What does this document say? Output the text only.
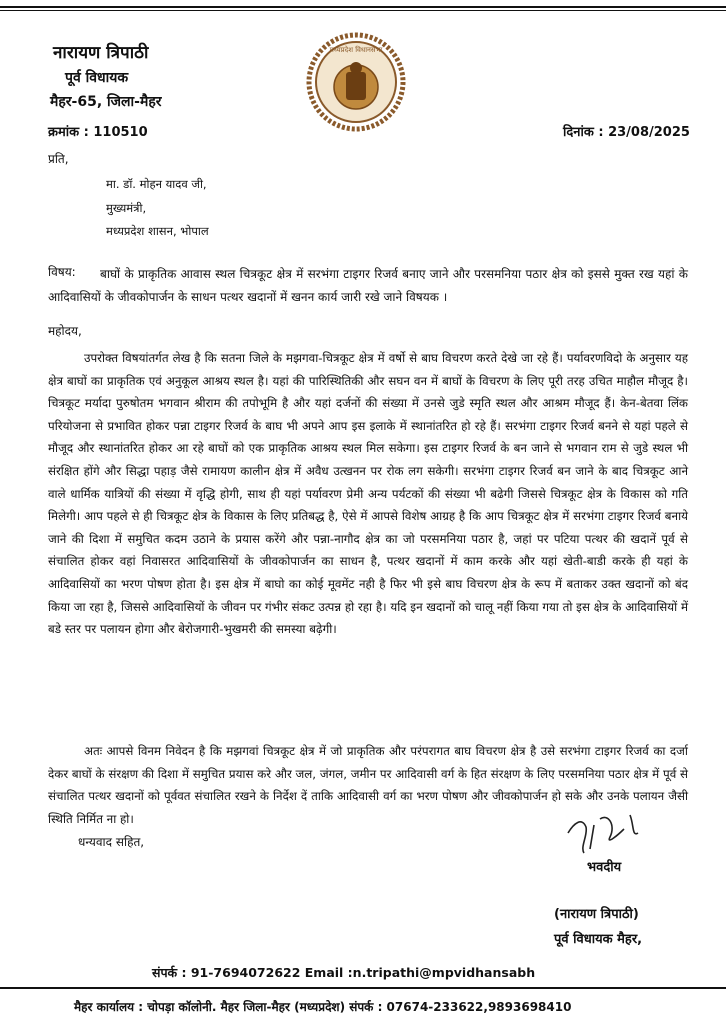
नारायण त्रिपाठी
पूर्व विधायक
मैहर-65, जिला-मैहर
मध्यप्रदेश विधानसभा
क्रमांक : 110510	दिनांक : 23/08/2025
प्रति,
मा. डॉ. मोहन यादव जी,
मुख्यमंत्री,
मध्यप्रदेश शासन, भोपाल
विषय:	बाघों के प्राकृतिक आवास स्थल चित्रकूट क्षेत्र में सरभंगा टाइगर रिजर्व बनाए जाने और परसमनिया पठार क्षेत्र को इससे मुक्त रख यहां के आदिवासियों के जीवकोपार्जन के साधन पत्थर खदानों में खनन कार्य जारी रखे जाने विषयक ।
महोदय,
उपरोक्त विषयांतर्गत लेख है कि सतना जिले के मझगवा-चित्रकूट क्षेत्र में वर्षो से बाघ विचरण करते देखे जा रहे हैं। पर्यावरणविदो के अनुसार यह क्षेत्र बाघों का प्राकृतिक एवं अनुकूल आश्रय स्थल है। यहां की पारिस्थितिकी और सघन वन में बाघों के विचरण के लिए पूरी तरह उचित माहौल मौजूद है। चित्रकूट मर्यादा पुरुषोतम भगवान श्रीराम की तपोभूमि है और यहां दर्जनों की संख्या में उनसे जुडे स्मृति स्थल और आश्रम मौजूद हैं। केन-बेतवा लिंक परियोजना से प्रभावित होकर पन्ना टाइगर रिजर्व के बाघ भी अपने आप इस इलाके में स्थानांतरित हो रहे हैं। सरभंगा टाइगर रिजर्व बनने से यहां पहले से मौजूद और स्थानांतरित होकर आ रहे बाघों को एक प्राकृतिक आश्रय स्थल मिल सकेगा। इस टाइगर रिजर्व के बन जाने से भगवान राम से जुडे स्थल भी संरक्षित होंगे और सिद्धा पहाड़ जैसे रामायण कालीन क्षेत्र में अवैध उत्खनन पर रोक लग सकेगी। सरभंगा टाइगर रिजर्व बन जाने के बाद चित्रकूट आने वाले धार्मिक यात्रियों की संख्या में वृद्धि होगी, साथ ही यहां पर्यावरण प्रेमी अन्य पर्यटकों की संख्या भी बढेगी जिससे चित्रकूट क्षेत्र के विकास को गति मिलेगी। आप पहले से ही चित्रकूट क्षेत्र के विकास के लिए प्रतिबद्ध है, ऐसे में आपसे विशेष आग्रह है कि आप चित्रकूट क्षेत्र में सरभंगा टाइगर रिजर्व बनाये जाने की दिशा में समुचित कदम उठाने के प्रयास करेंगे और पन्ना-नागौद क्षेत्र का जो परसमनिया पठार है, जहां पर पटिया पत्थर की खदानें पूर्व से संचालित होकर वहां निवासरत आदिवासियों के जीवकोपार्जन का साधन है, पत्थर खदानों में काम करके और यहां खेती-बाडी करके ही यहां के आदिवासियों का भरण पोषण होता है। इस क्षेत्र में बाघो का कोई मूवमेंट नही है फिर भी इसे बाघ विचरण क्षेत्र के रूप में बताकर उक्त खदानों को बंद किया जा रहा है, जिससे आदिवासियों के जीवन पर गंभीर संकट उत्पन्न हो रहा है। यदि इन खदानों को चालू नहीं किया गया तो इस क्षेत्र के आदिवासियों में बडे स्तर पर पलायन होगा और बेरोजगारी-भुखमरी की समस्या बढ़ेगी।
अतः आपसे विनम निवेदन है कि मझगवां चित्रकूट क्षेत्र में जो प्राकृतिक और परंपरागत बाघ विचरण क्षेत्र है उसे सरभंगा टाइगर रिजर्व का दर्जा देकर बाघों के संरक्षण की दिशा में समुचित प्रयास करे और जल, जंगल, जमीन पर आदिवासी वर्ग के हित संरक्षण के लिए परसमनिया पठार क्षेत्र में पूर्व से संचालित पत्थर खदानों को पूर्ववत संचालित रखने के निर्देश दें ताकि आदिवासी वर्ग का भरण पोषण और जीवकोपार्जन हो सके और उनके पलायन जैसी स्थिति निर्मित ना हो।
धन्यवाद सहित,
भवदीय
(नारायण त्रिपाठी)
पूर्व विधायक मैहर,
संपर्क : 91-7694072622 Email :n.tripathi@mpvidhansabh
मैहर कार्यालय : चोपड़ा कॉलोनी. मैहर जिला-मैहर (मध्यप्रदेश) संपर्क : 07674-233622,9893698410
